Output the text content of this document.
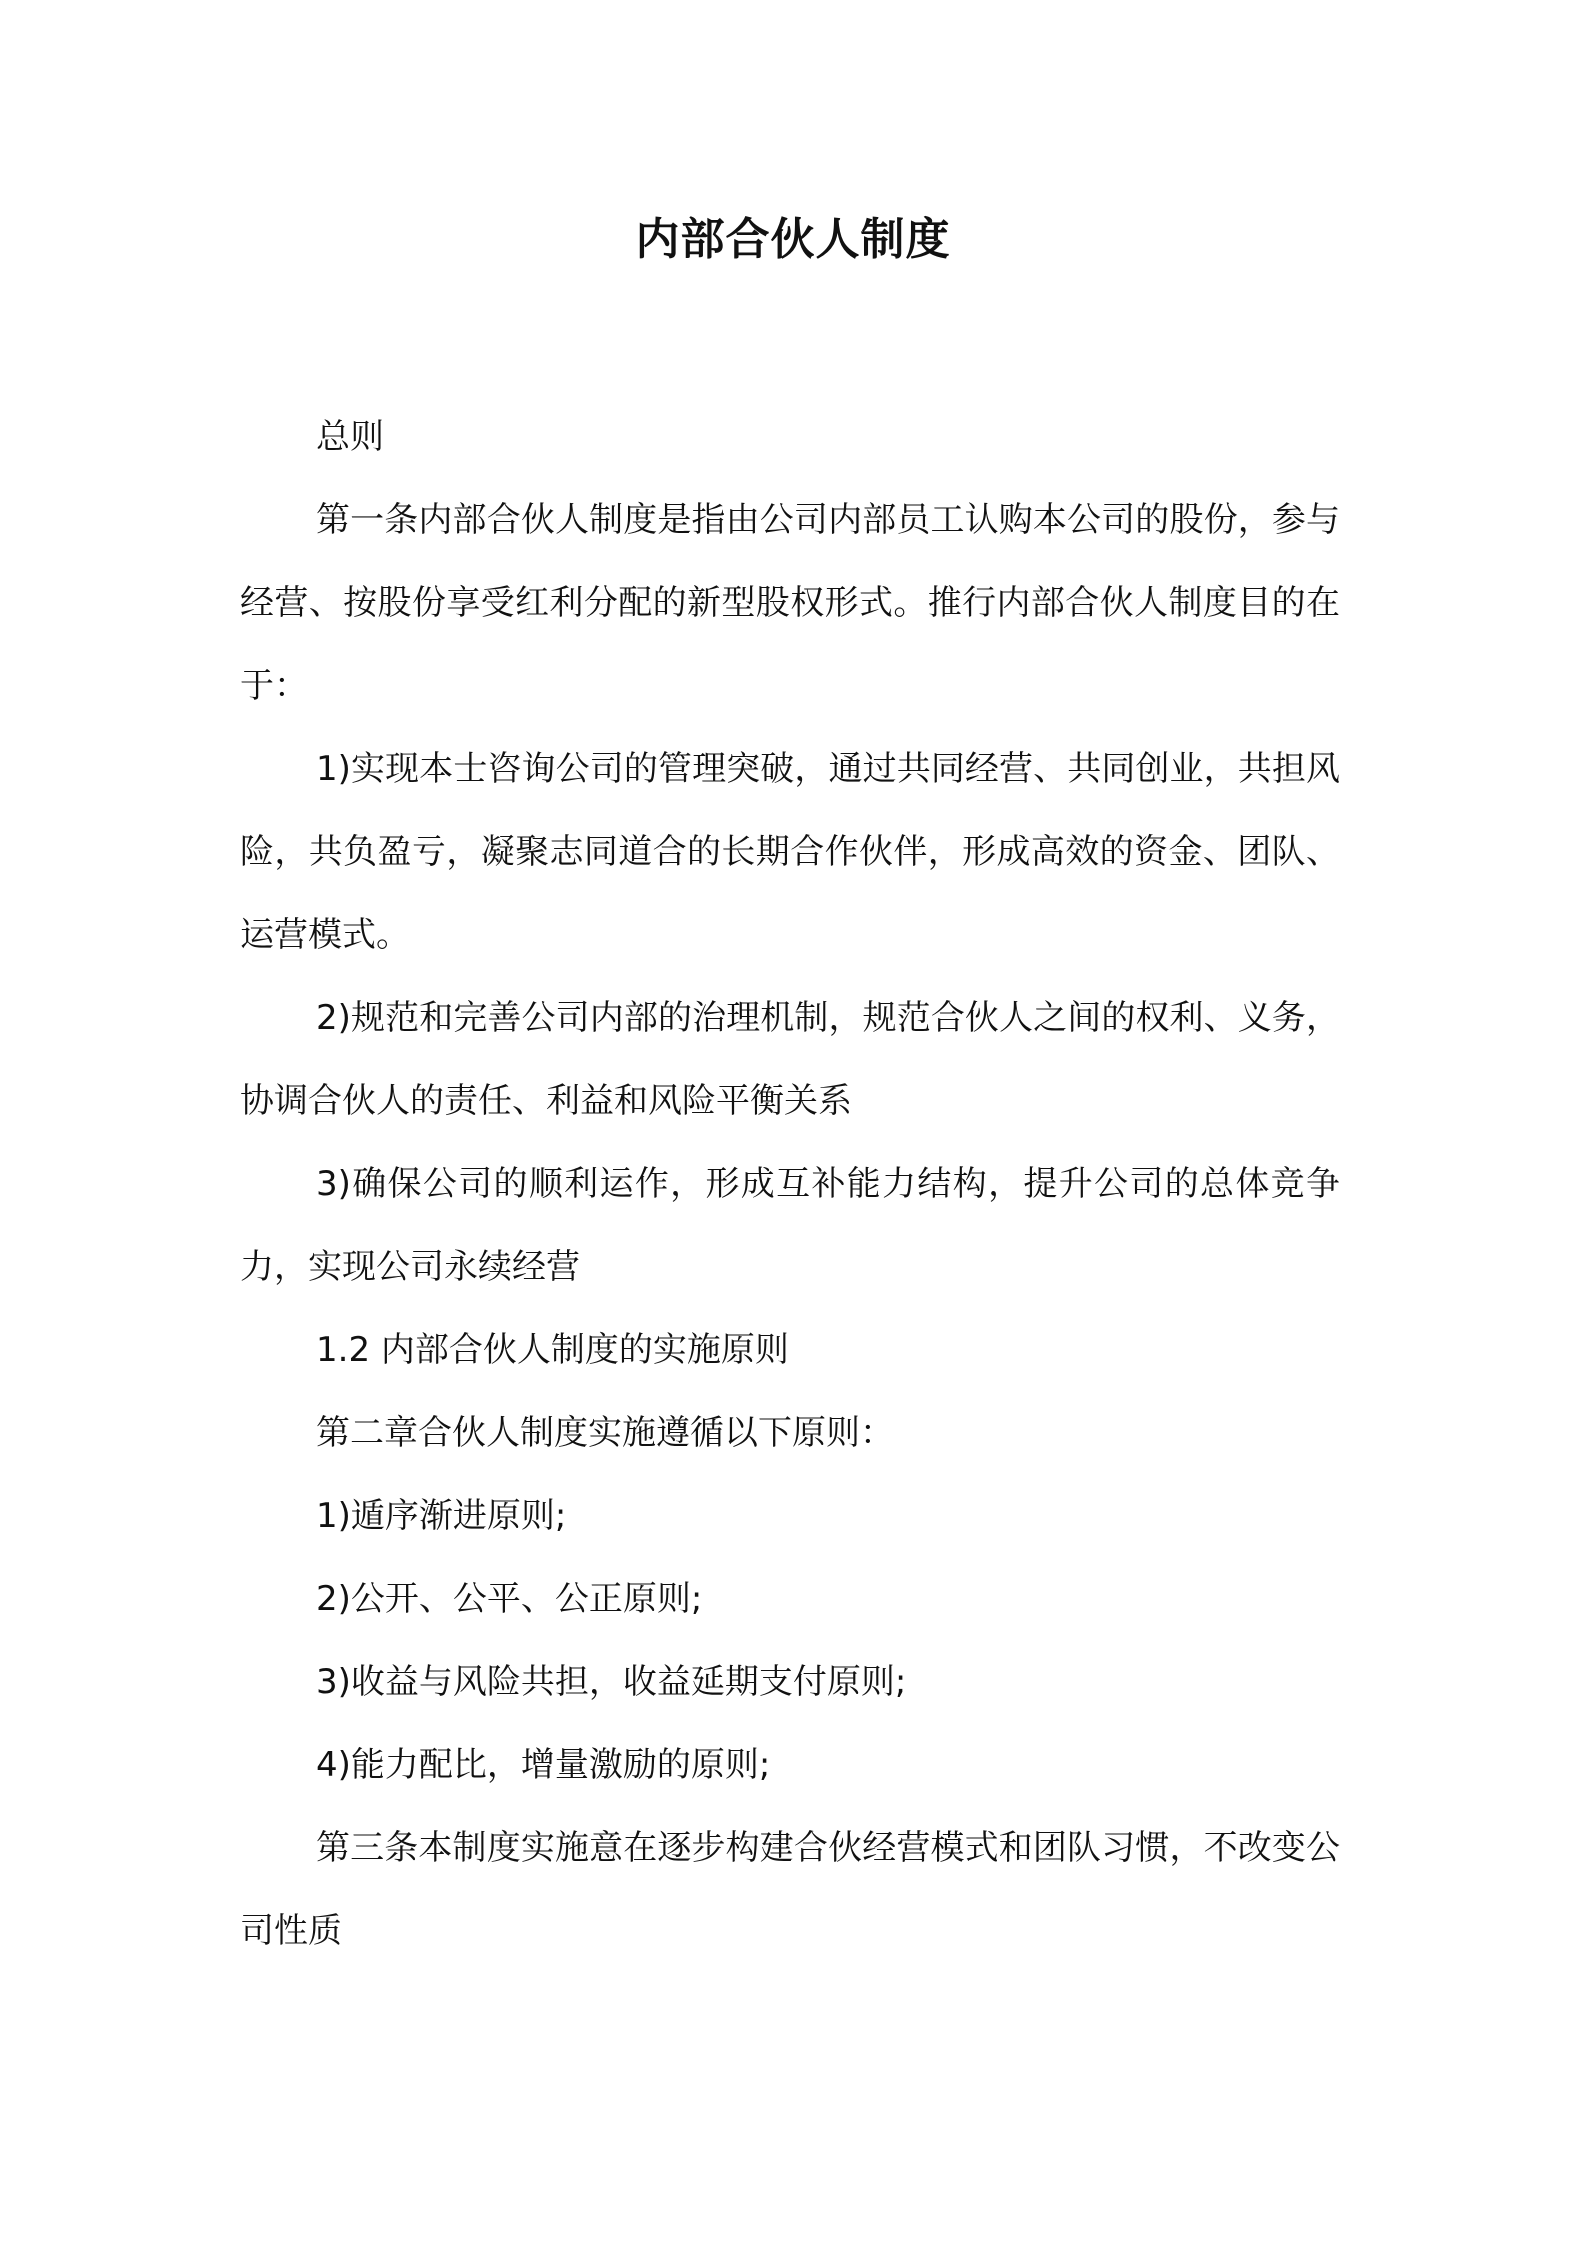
内部合伙人制度

总则

第一条内部合伙人制度是指由公司内部员工认购本公司的股份，参与经营、按股份享受红利分配的新型股权形式。推行内部合伙人制度目的在于：

1)实现本士咨询公司的管理突破，通过共同经营、共同创业，共担风险，共负盈亏，凝聚志同道合的长期合作伙伴，形成高效的资金、团队、运营模式。

2)规范和完善公司内部的治理机制，规范合伙人之间的权利、义务，协调合伙人的责任、利益和风险平衡关系

3)确保公司的顺利运作，形成互补能力结构，提升公司的总体竞争力，实现公司永续经营

1.2 内部合伙人制度的实施原则

第二章合伙人制度实施遵循以下原则：

1)遁序渐进原则;

2)公开、公平、公正原则;

3)收益与风险共担，收益延期支付原则;

4)能力配比，增量激励的原则;

第三条本制度实施意在逐步构建合伙经营模式和团队习惯，不改变公司性质
